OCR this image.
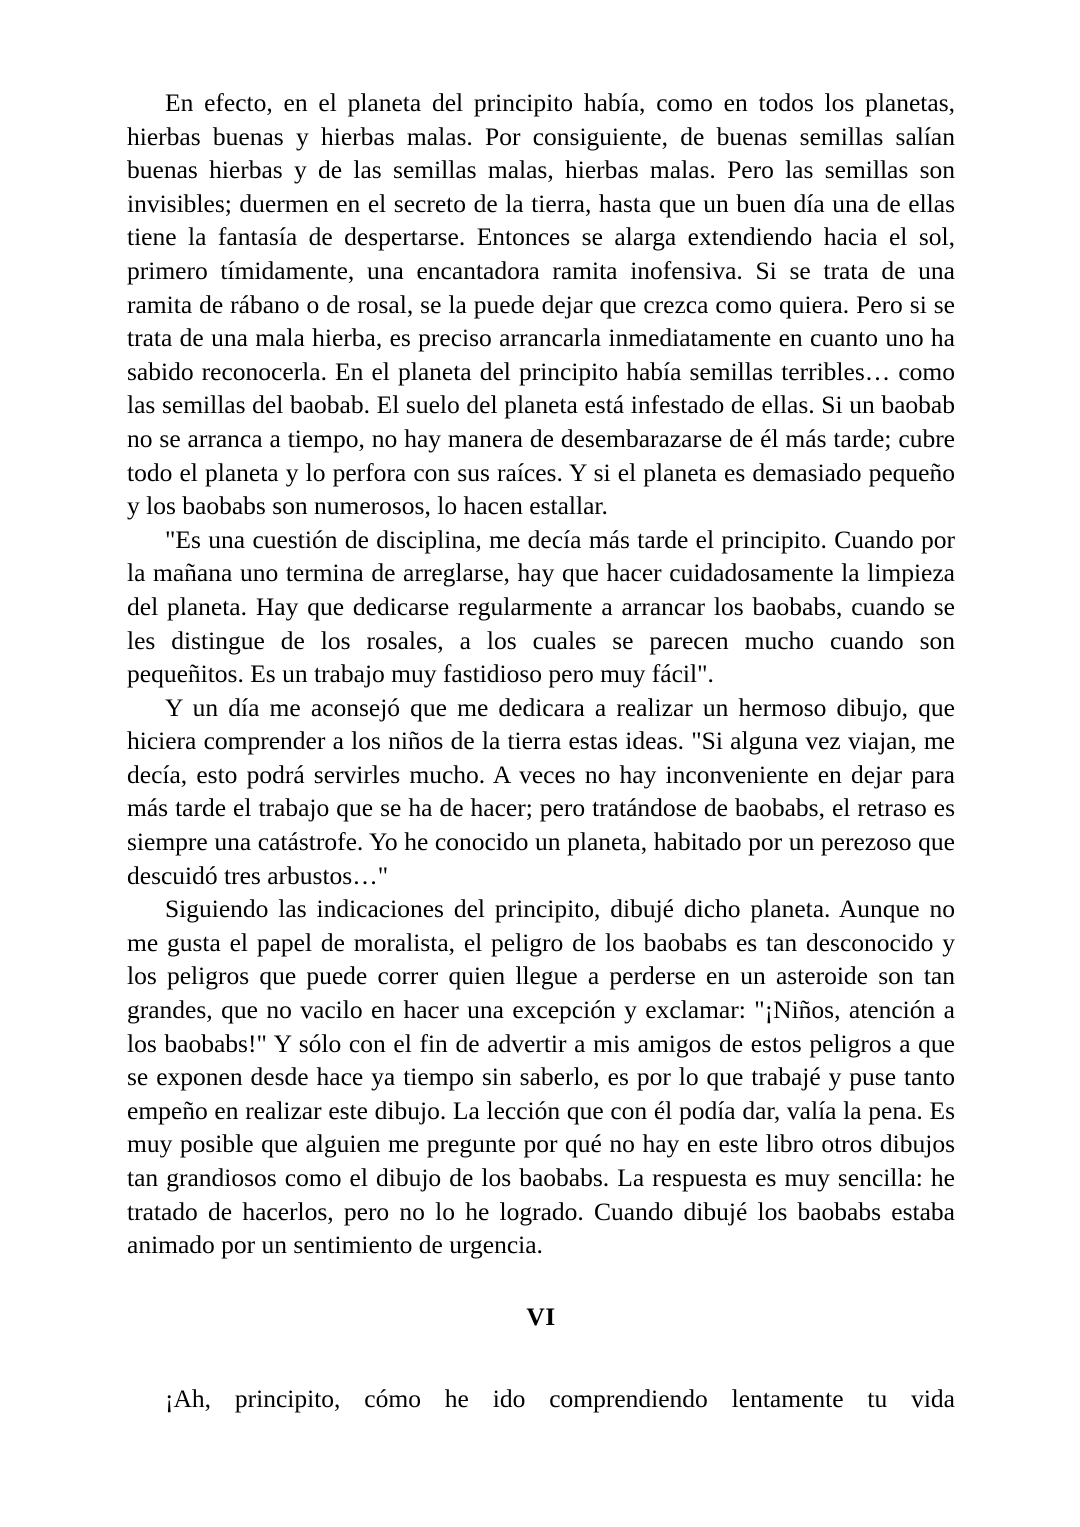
En efecto, en el planeta del principito había, como en todos los planetas, hierbas buenas y hierbas malas. Por consiguiente, de buenas semillas salían buenas hierbas y de las semillas malas, hierbas malas. Pero las semillas son invisibles; duermen en el secreto de la tierra, hasta que un buen día una de ellas tiene la fantasía de despertarse. Entonces se alarga extendiendo hacia el sol, primero tímidamente, una encantadora ramita inofensiva. Si se trata de una ramita de rábano o de rosal, se la puede dejar que crezca como quiera. Pero si se trata de una mala hierba, es preciso arrancarla inmediatamente en cuanto uno ha sabido reconocerla. En el planeta del principito había semillas terribles… como las semillas del baobab. El suelo del planeta está infestado de ellas. Si un baobab no se arranca a tiempo, no hay manera de desembarazarse de él más tarde; cubre todo el planeta y lo perfora con sus raíces. Y si el planeta es demasiado pequeño y los baobabs son numerosos, lo hacen estallar.

"Es una cuestión de disciplina, me decía más tarde el principito. Cuando por la mañana uno termina de arreglarse, hay que hacer cuidadosamente la limpieza del planeta. Hay que dedicarse regularmente a arrancar los baobabs, cuando se les distingue de los rosales, a los cuales se parecen mucho cuando son pequeñitos. Es un trabajo muy fastidioso pero muy fácil".

Y un día me aconsejó que me dedicara a realizar un hermoso dibujo, que hiciera comprender a los niños de la tierra estas ideas. "Si alguna vez viajan, me decía, esto podrá servirles mucho. A veces no hay inconveniente en dejar para más tarde el trabajo que se ha de hacer; pero tratándose de baobabs, el retraso es siempre una catástrofe. Yo he conocido un planeta, habitado por un perezoso que descuidó tres arbustos…"

Siguiendo las indicaciones del principito, dibujé dicho planeta. Aunque no me gusta el papel de moralista, el peligro de los baobabs es tan desconocido y los peligros que puede correr quien llegue a perderse en un asteroide son tan grandes, que no vacilo en hacer una excepción y exclamar: "¡Niños, atención a los baobabs!" Y sólo con el fin de advertir a mis amigos de estos peligros a que se exponen desde hace ya tiempo sin saberlo, es por lo que trabajé y puse tanto empeño en realizar este dibujo. La lección que con él podía dar, valía la pena. Es muy posible que alguien me pregunte por qué no hay en este libro otros dibujos tan grandiosos como el dibujo de los baobabs. La respuesta es muy sencilla: he tratado de hacerlos, pero no lo he logrado. Cuando dibujé los baobabs estaba animado por un sentimiento de urgencia.

VI

¡Ah, principito, cómo he ido comprendiendo lentamente tu vida
